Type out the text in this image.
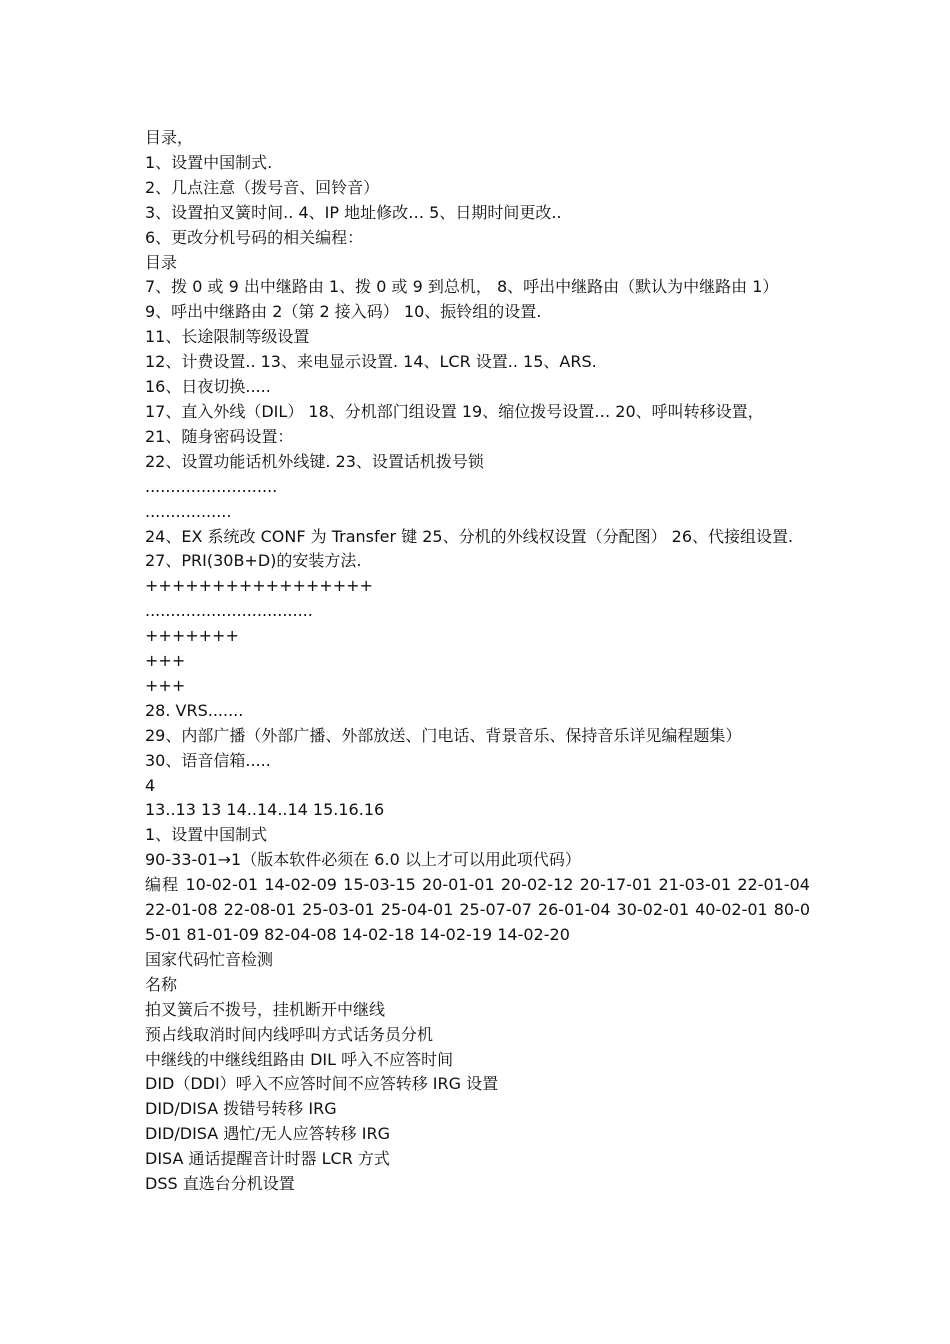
目录，

1、设置中国制式.

2、几点注意（拨号音、回铃音）

3、设置拍叉簧时间.. 4、IP 地址修改… 5、日期时间更改..

6、更改分机号码的相关编程：

目录

7、拨 0 或 9 出中继路由 1、拨 0 或 9 到总机， 8、呼出中继路由（默认为中继路由 1）

9、呼出中继路由 2（第 2 接入码） 10、振铃组的设置.

11、长途限制等级设置

12、计费设置.. 13、来电显示设置. 14、LCR 设置.. 15、ARS.

16、日夜切换.....

17、直入外线（DIL） 18、分机部门组设置 19、缩位拨号设置… 20、呼叫转移设置，

21、随身密码设置：

22、设置功能话机外线键. 23、设置话机拨号锁

..........................

.................

24、EX 系统改 CONF 为 Transfer 键 25、分机的外线权设置（分配图） 26、代接组设置.

27、PRI(30B+D)的安装方法.

+++++++++++++++++

.................................

+++++++

+++

+++

28. VRS.......

29、内部广播（外部广播、外部放送、门电话、背景音乐、保持音乐详见编程题集）

30、语音信箱.....

4

13..13 13 14..14..14 15.16.16

1、设置中国制式

90-33-01→1（版本软件必须在 6.0 以上才可以用此项代码）

编程 10-02-01 14-02-09 15-03-15 20-01-01 20-02-12 20-17-01 21-03-01 22-01-04 22-01-08 22-08-01 25-03-01 25-04-01 25-07-07 26-01-04 30-02-01 40-02-01 80-05-01 81-01-09 82-04-08 14-02-18 14-02-19 14-02-20

国家代码忙音检测

名称

拍叉簧后不拨号，挂机断开中继线

预占线取消时间内线呼叫方式话务员分机

中继线的中继线组路由 DIL 呼入不应答时间

DID（DDI）呼入不应答时间不应答转移 IRG 设置

DID/DISA 拨错号转移 IRG

DID/DISA 遇忙/无人应答转移 IRG

DISA 通话提醒音计时器 LCR 方式

DSS 直选台分机设置
